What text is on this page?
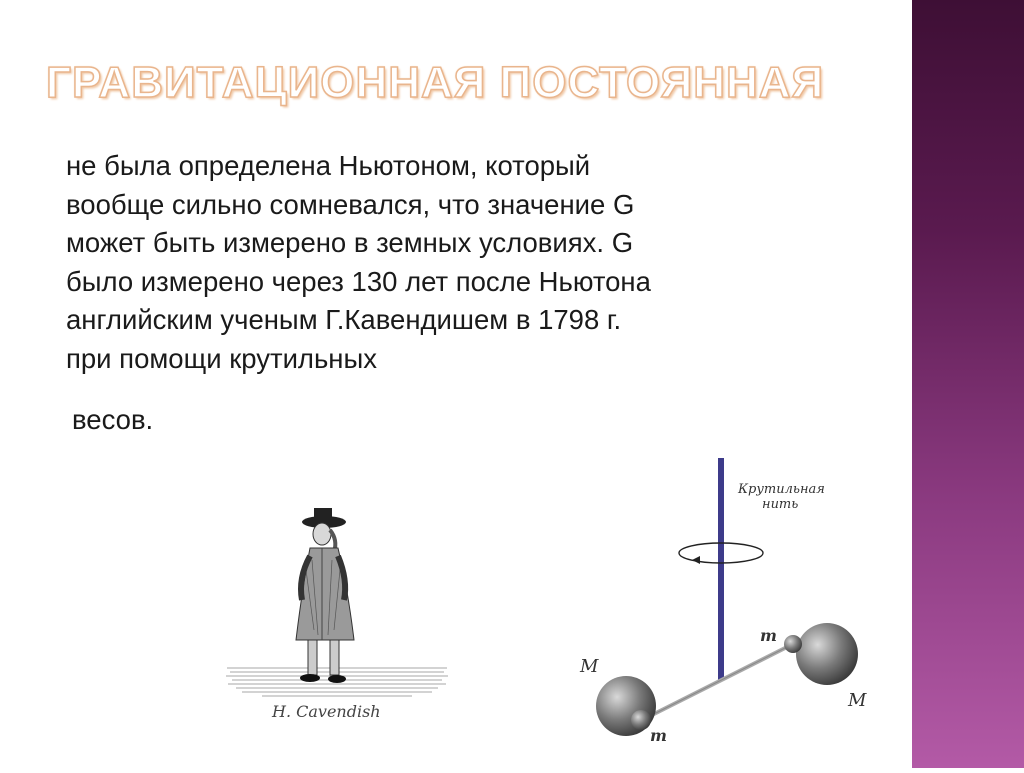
ГРАВИТАЦИОННАЯ ПОСТОЯННАЯ

не была определена Ньютоном, который
вообще сильно сомневался, что значение G
может быть измерено в земных условиях. G
было измерено через 130 лет после Ньютона
английским ученым Г.Кавендишем в 1798 г.
при помощи крутильных

весов.
H. Cavendish
Крутильная
нить
M
M
m
m
